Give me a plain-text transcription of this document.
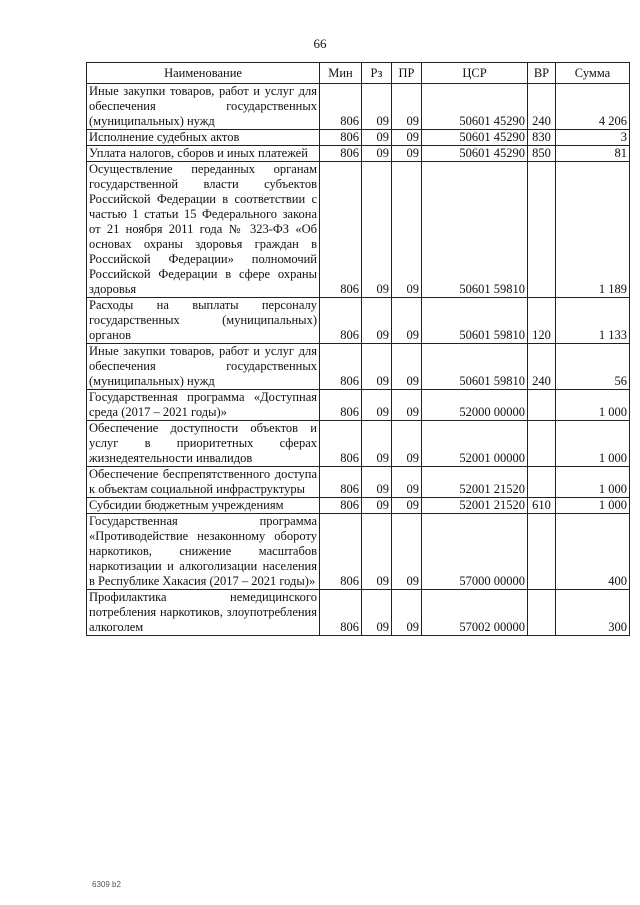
66
Наименование	Мин	Рз	ПР	ЦСР	ВР	Сумма
Иные закупки товаров, работ и услуг для обеспечения государственных (муниципальных) нужд	806	09	09	50601 45290	240	4 206
Исполнение судебных актов	806	09	09	50601 45290	830	3
Уплата налогов, сборов и иных платежей	806	09	09	50601 45290	850	81
Осуществление переданных органам государственной власти субъектов Российской Федерации в соответствии с частью 1 статьи 15 Федерального закона от 21 ноября 2011 года № 323-ФЗ «Об основах охраны здоровья граждан в Российской Федерации» полномочий Российской Федерации в сфере охраны здоровья	806	09	09	50601 59810		1 189
Расходы на выплаты персоналу государственных (муниципальных) органов	806	09	09	50601 59810	120	1 133
Иные закупки товаров, работ и услуг для обеспечения государственных (муниципальных) нужд	806	09	09	50601 59810	240	56
Государственная программа «Доступная среда (2017 – 2021 годы)»	806	09	09	52000 00000		1 000
Обеспечение доступности объектов и услуг в приоритетных сферах жизнедеятельности инвалидов	806	09	09	52001 00000		1 000
Обеспечение беспрепятственного доступа к объектам социальной инфраструктуры	806	09	09	52001 21520		1 000
Субсидии бюджетным учреждениям	806	09	09	52001 21520	610	1 000
Государственная программа «Противодействие незаконному обороту наркотиков, снижение масштабов наркотизации и алкоголизации населения в Республике Хакасия (2017 – 2021 годы)»	806	09	09	57000 00000		400
Профилактика немедицинского потребления наркотиков, злоупотребления алкоголем	806	09	09	57002 00000		300
6309 b2
